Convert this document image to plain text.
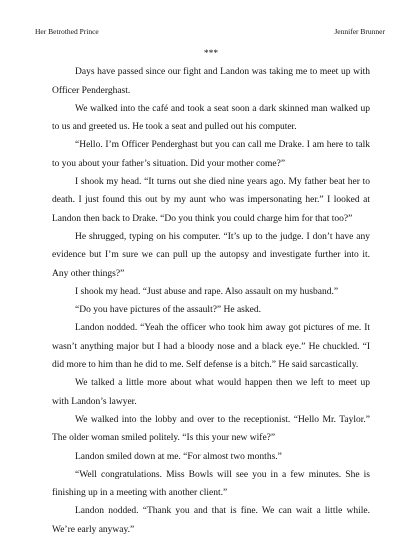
Her Betrothed Prince	Jennifer Brunner

***

Days have passed since our fight and Landon was taking me to meet up with Officer Penderghast.

We walked into the café and took a seat soon a dark skinned man walked up to us and greeted us. He took a seat and pulled out his computer.

“Hello. I’m Officer Penderghast but you can call me Drake. I am here to talk to you about your father’s situation. Did your mother come?”

I shook my head. “It turns out she died nine years ago. My father beat her to death. I just found this out by my aunt who was impersonating her.” I looked at Landon then back to Drake. “Do you think you could charge him for that too?”

He shrugged, typing on his computer. “It’s up to the judge. I don’t have any evidence but I’m sure we can pull up the autopsy and investigate further into it. Any other things?”

I shook my head. “Just abuse and rape. Also assault on my husband.”

“Do you have pictures of the assault?” He asked.

Landon nodded. “Yeah the officer who took him away got pictures of me. It wasn’t anything major but I had a bloody nose and a black eye.” He chuckled. “I did more to him than he did to me. Self defense is a bitch.” He said sarcastically.

We talked a little more about what would happen then we left to meet up with Landon’s lawyer.

We walked into the lobby and over to the receptionist. “Hello Mr. Taylor.” The older woman smiled politely. “Is this your new wife?”

Landon smiled down at me. “For almost two months.”

“Well congratulations. Miss Bowls will see you in a few minutes. She is finishing up in a meeting with another client.”

Landon nodded. “Thank you and that is fine. We can wait a little while. We’re early anyway.”
